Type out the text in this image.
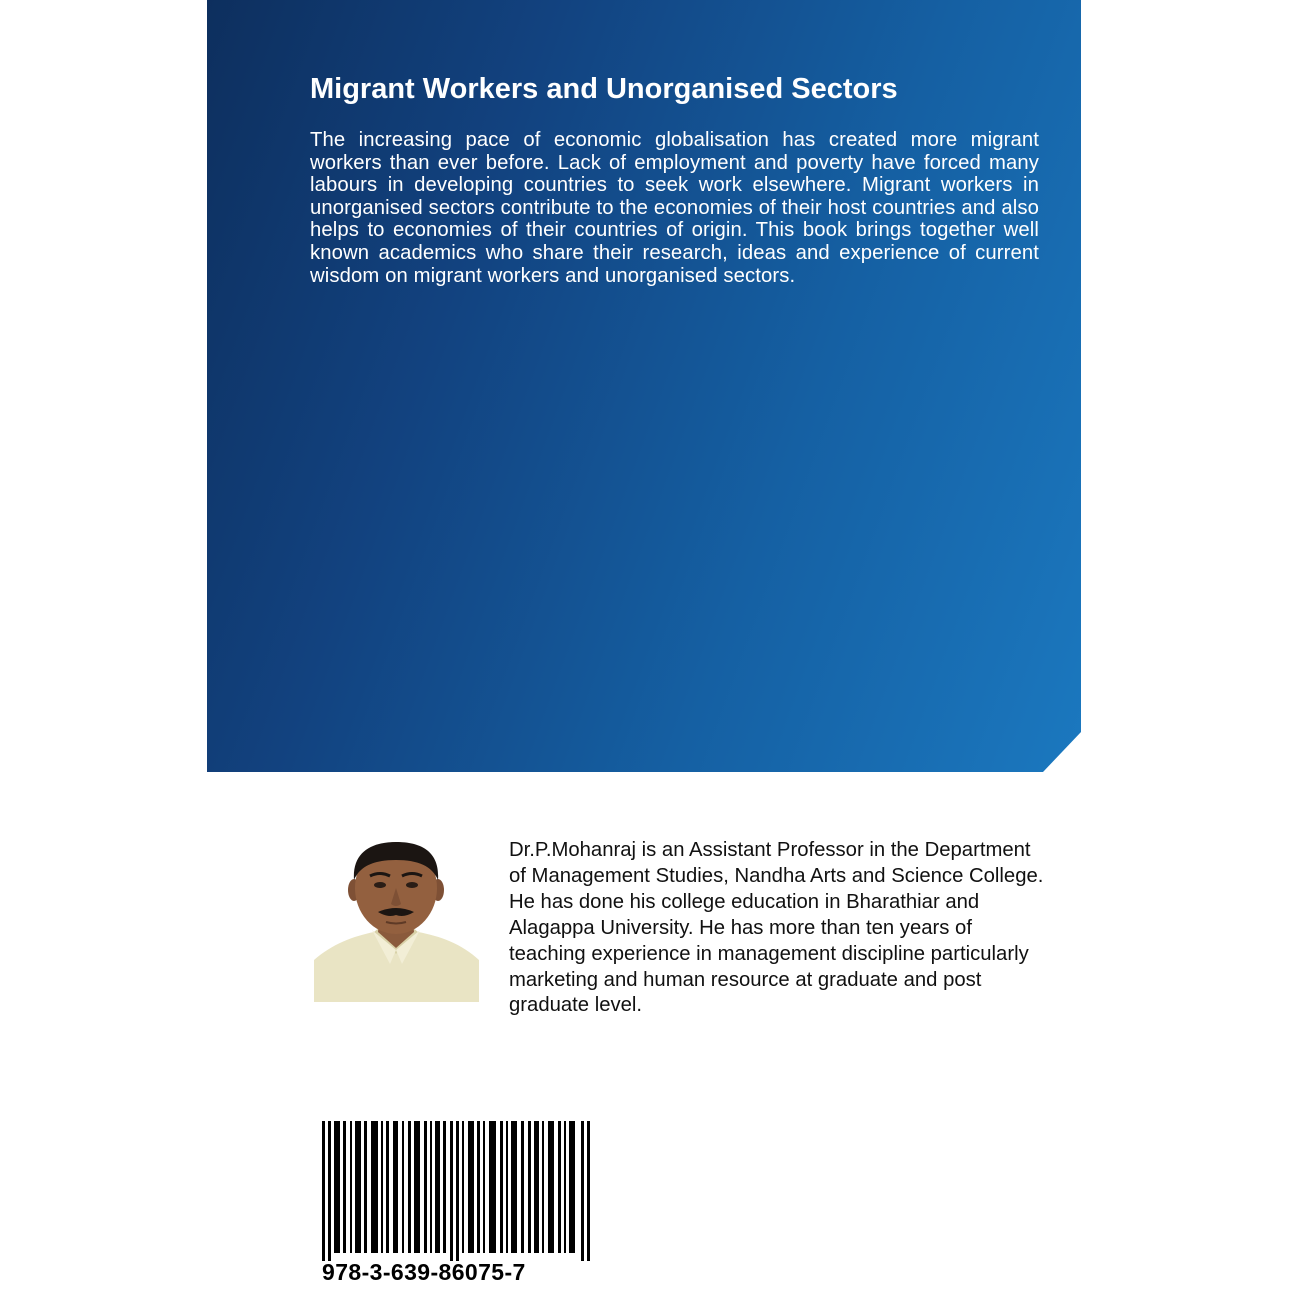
Migrant Workers and Unorganised Sectors

The increasing pace of economic globalisation has created more migrant workers than ever before. Lack of employment and poverty have forced many labours in developing countries to seek work elsewhere. Migrant workers in unorganised sectors contribute to the economies of their host countries and also helps to economies of their countries of origin. This book brings together well known academics who share their research, ideas and experience of current wisdom on migrant workers and unorganised sectors.

Dr.P.Mohanraj is an Assistant Professor in the Department of Management Studies, Nandha Arts and Science College. He has done his college education in Bharathiar and Alagappa University. He has more than ten years of teaching experience in management discipline particularly marketing and human resource at graduate and post graduate level.

978-3-639-86075-7
